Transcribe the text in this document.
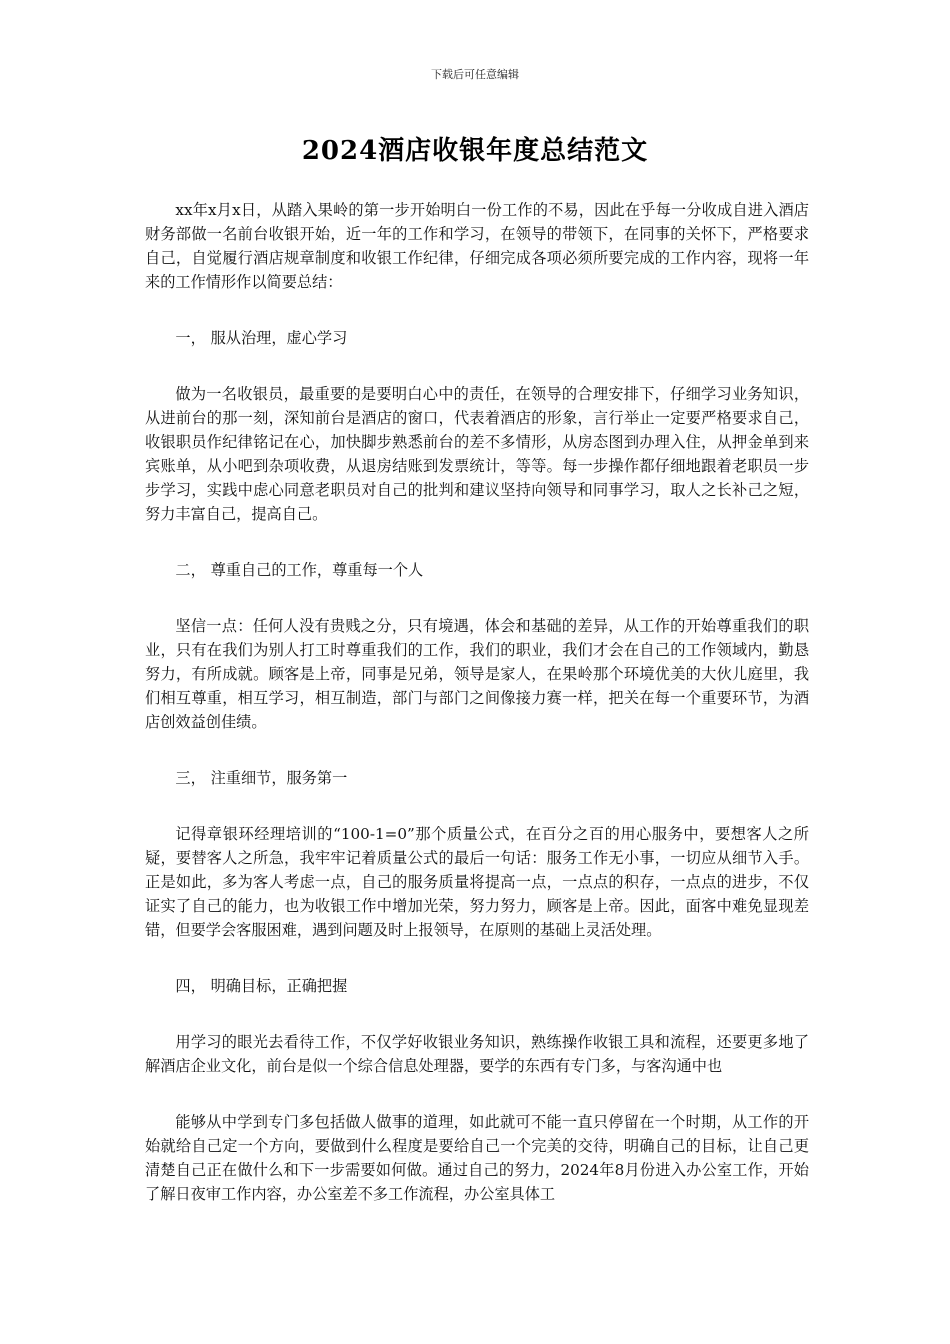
下载后可任意编辑
2024酒店收银年度总结范文

xx年x月x日，从踏入果岭的第一步开始明白一份工作的不易，因此在乎每一分收成自进入酒店财务部做一名前台收银开始，近一年的工作和学习，在领导的带领下，在同事的关怀下，严格要求自己，自觉履行酒店规章制度和收银工作纪律，仔细完成各项必须所要完成的工作内容，现将一年来的工作情形作以简要总结：

一， 服从治理，虚心学习

做为一名收银员，最重要的是要明白心中的责任，在领导的合理安排下，仔细学习业务知识，从进前台的那一刻，深知前台是酒店的窗口，代表着酒店的形象，言行举止一定要严格要求自己，收银职员作纪律铭记在心，加快脚步熟悉前台的差不多情形，从房态图到办理入住，从押金单到来宾账单，从小吧到杂项收费，从退房结账到发票统计，等等。每一步操作都仔细地跟着老职员一步步学习，实践中虑心同意老职员对自己的批判和建议坚持向领导和同事学习，取人之长补己之短，努力丰富自己，提高自己。

二， 尊重自己的工作，尊重每一个人

坚信一点：任何人没有贵贱之分，只有境遇，体会和基础的差异，从工作的开始尊重我们的职业，只有在我们为别人打工时尊重我们的工作，我们的职业，我们才会在自己的工作领域内，勤恳努力，有所成就。顾客是上帝，同事是兄弟，领导是家人，在果岭那个环境优美的大伙儿庭里，我们相互尊重，相互学习，相互制造，部门与部门之间像接力赛一样，把关在每一个重要环节，为酒店创效益创佳绩。

三， 注重细节，服务第一

记得章银环经理培训的“100-1=0”那个质量公式，在百分之百的用心服务中，要想客人之所疑，要替客人之所急，我牢牢记着质量公式的最后一句话：服务工作无小事，一切应从细节入手。正是如此，多为客人考虑一点，自己的服务质量将提高一点，一点点的积存，一点点的进步，不仅证实了自己的能力，也为收银工作中增加光荣，努力努力，顾客是上帝。因此，面客中难免显现差错，但要学会客服困难，遇到问题及时上报领导，在原则的基础上灵活处理。

四， 明确目标，正确把握

用学习的眼光去看待工作，不仅学好收银业务知识，熟练操作收银工具和流程，还要更多地了解酒店企业文化，前台是似一个综合信息处理器，要学的东西有专门多，与客沟通中也

能够从中学到专门多包括做人做事的道理，如此就可不能一直只停留在一个时期，从工作的开始就给自己定一个方向，要做到什么程度是要给自己一个完美的交待，明确自己的目标，让自己更清楚自己正在做什么和下一步需要如何做。通过自己的努力，2024年8月份进入办公室工作，开始了解日夜审工作内容，办公室差不多工作流程，办公室具体工
